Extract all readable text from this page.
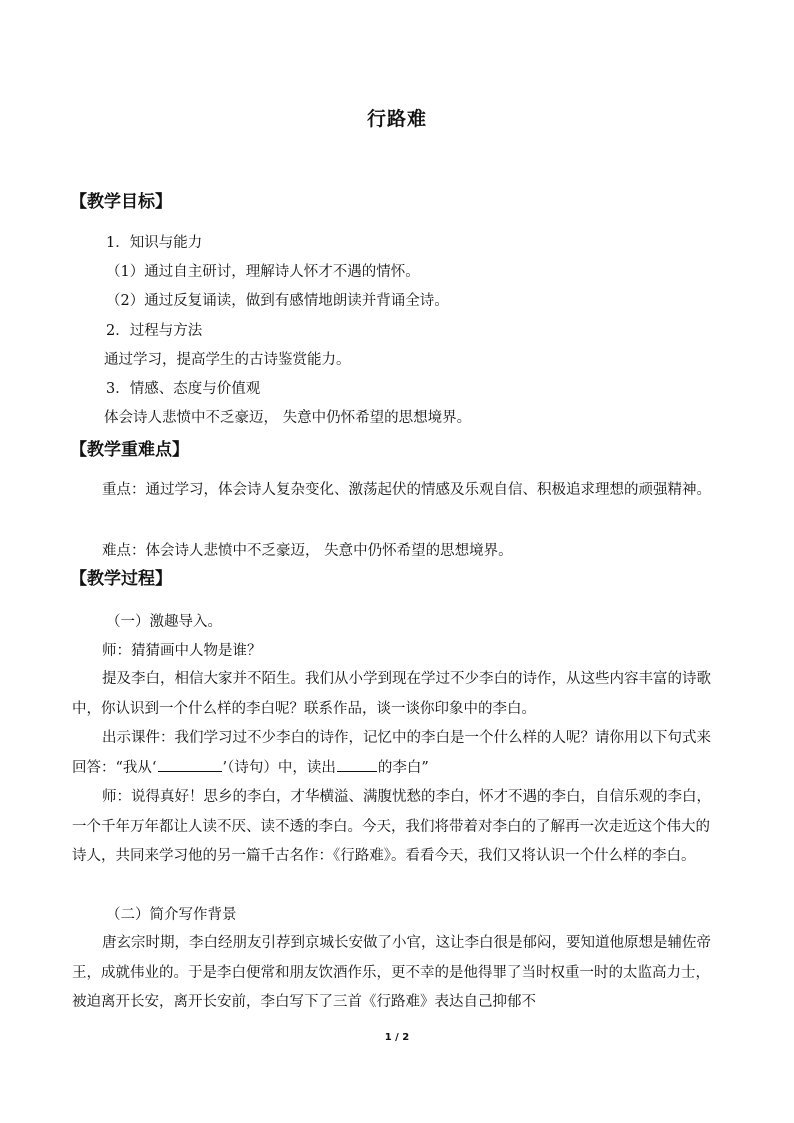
行路难
【教学目标】
1．知识与能力
（1）通过自主研讨，理解诗人怀才不遇的情怀。
（2）通过反复诵读，做到有感情地朗读并背诵全诗。
2．过程与方法
通过学习，提高学生的古诗鉴赏能力。
3．情感、态度与价值观
体会诗人悲愤中不乏豪迈， 失意中仍怀希望的思想境界。
【教学重难点】
重点：通过学习，体会诗人复杂变化、激荡起伏的情感及乐观自信、积极追求理想的顽强精神。
难点：体会诗人悲愤中不乏豪迈， 失意中仍怀希望的思想境界。
【教学过程】
（一）激趣导入。
师：猜猜画中人物是谁？
提及李白，相信大家并不陌生。我们从小学到现在学过不少李白的诗作，从这些内容丰富的诗歌中，你认识到一个什么样的李白呢？联系作品，谈一谈你印象中的李白。
出示课件：我们学习过不少李白的诗作，记忆中的李白是一个什么样的人呢？请你用以下句式来回答：“我从‘	’（诗句）中，读出	的李白”
师：说得真好！思乡的李白，才华横溢、满腹忧愁的李白，怀才不遇的李白，自信乐观的李白，一个千年万年都让人读不厌、读不透的李白。今天，我们将带着对李白的了解再一次走近这个伟大的诗人，共同来学习他的另一篇千古名作：《行路难》。看看今天，我们又将认识一个什么样的李白。
（二）简介写作背景
唐玄宗时期，李白经朋友引荐到京城长安做了小官，这让李白很是郁闷，要知道他原想是辅佐帝王，成就伟业的。于是李白便常和朋友饮酒作乐，更不幸的是他得罪了当时权重一时的太监高力士，被迫离开长安，离开长安前，李白写下了三首《行路难》表达自己抑郁不
1 / 2
